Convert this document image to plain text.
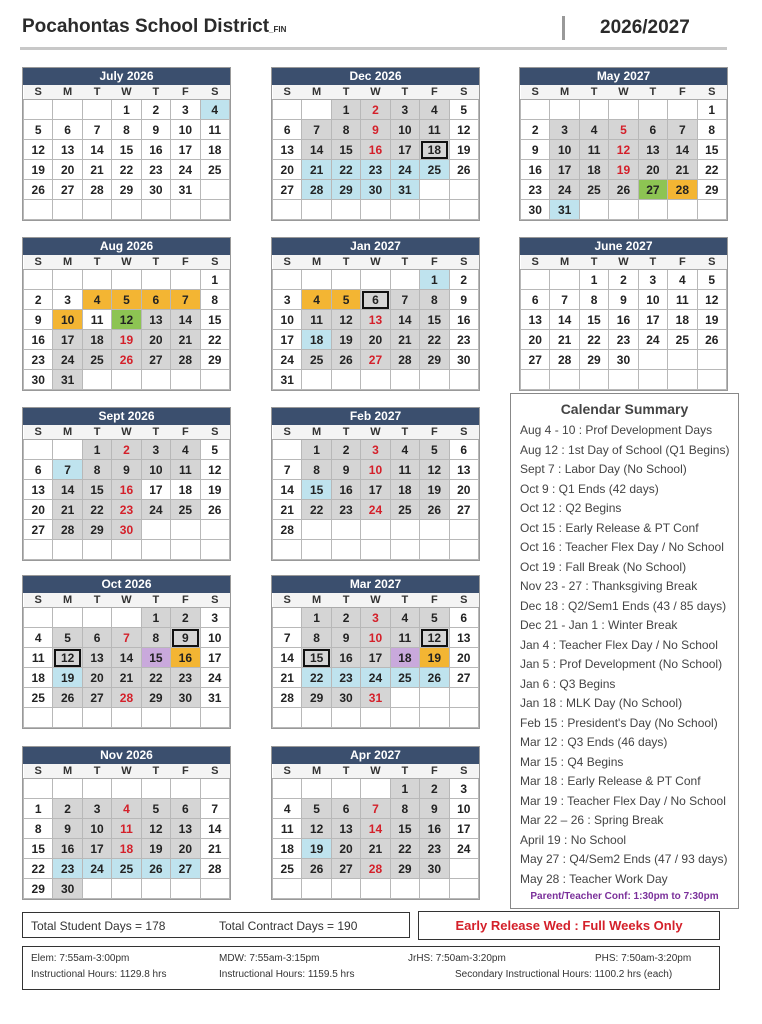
Pocahontas School District_FIN	2026/2027
July 2026
S	M	T	W	T	F	S
			1	2	3	4
5	6	7	8	9	10	11
12	13	14	15	16	17	18
19	20	21	22	23	24	25
26	27	28	29	30	31	

Dec 2026
S	M	T	W	T	F	S
		1	2	3	4	5
6	7	8	9	10	11	12
13	14	15	16	17	18	19
20	21	22	23	24	25	26
27	28	29	30	31		

May 2027
S	M	T	W	T	F	S
						1
2	3	4	5	6	7	8
9	10	11	12	13	14	15
16	17	18	19	20	21	22
23	24	25	26	27	28	29
30	31					
Aug 2026
S	M	T	W	T	F	S
						1
2	3	4	5	6	7	8
9	10	11	12	13	14	15
16	17	18	19	20	21	22
23	24	25	26	27	28	29
30	31					
Jan 2027
S	M	T	W	T	F	S
					1	2
3	4	5	6	7	8	9
10	11	12	13	14	15	16
17	18	19	20	21	22	23
24	25	26	27	28	29	30
31						
June 2027
S	M	T	W	T	F	S
		1	2	3	4	5
6	7	8	9	10	11	12
13	14	15	16	17	18	19
20	21	22	23	24	25	26
27	28	29	30			

Sept 2026
S	M	T	W	T	F	S
		1	2	3	4	5
6	7	8	9	10	11	12
13	14	15	16	17	18	19
20	21	22	23	24	25	26
27	28	29	30			

Feb 2027
S	M	T	W	T	F	S
	1	2	3	4	5	6
7	8	9	10	11	12	13
14	15	16	17	18	19	20
21	22	23	24	25	26	27
28						

Oct 2026
S	M	T	W	T	F	S
				1	2	3
4	5	6	7	8	9	10
11	12	13	14	15	16	17
18	19	20	21	22	23	24
25	26	27	28	29	30	31

Mar 2027
S	M	T	W	T	F	S
	1	2	3	4	5	6
7	8	9	10	11	12	13
14	15	16	17	18	19	20
21	22	23	24	25	26	27
28	29	30	31			

Nov 2026
S	M	T	W	T	F	S

1	2	3	4	5	6	7
8	9	10	11	12	13	14
15	16	17	18	19	20	21
22	23	24	25	26	27	28
29	30					
Apr 2027
S	M	T	W	T	F	S
				1	2	3
4	5	6	7	8	9	10
11	12	13	14	15	16	17
18	19	20	21	22	23	24
25	26	27	28	29	30	

Calendar Summary
Aug 4 - 10 : Prof Development Days
Aug 12 : 1st Day of School (Q1 Begins)
Sept 7 : Labor Day (No School)
Oct 9 : Q1 Ends (42 days)
Oct 12 : Q2 Begins
Oct 15 : Early Release & PT Conf
Oct 16 : Teacher Flex Day / No School
Oct 19 : Fall Break (No School)
Nov 23 - 27 : Thanksgiving Break
Dec 18 : Q2/Sem1 Ends (43 / 85 days)
Dec 21 - Jan 1 : Winter Break
Jan 4 : Teacher Flex Day / No School
Jan 5 : Prof Development (No School)
Jan 6 : Q3 Begins
Jan 18 : MLK Day (No School)
Feb 15 : President's Day (No School)
Mar 12 : Q3 Ends (46 days)
Mar 15 : Q4 Begins
Mar 18 : Early Release & PT Conf
Mar 19 : Teacher Flex Day / No School
Mar 22 – 26 : Spring Break
April 19 : No School
May 27 : Q4/Sem2 Ends (47 / 93 days)
May 28 : Teacher Work Day
Parent/Teacher Conf: 1:30pm to 7:30pm
Total Student Days = 178	Total Contract Days = 190	Early Release Wed : Full Weeks Only
Elem: 7:55am-3:00pm
Instructional Hours: 1129.8 hrs
MDW: 7:55am-3:15pm
Instructional Hours: 1159.5 hrs
JrHS: 7:50am-3:20pm	PHS: 7:50am-3:20pm
Secondary Instructional Hours: 1100.2 hrs (each)
